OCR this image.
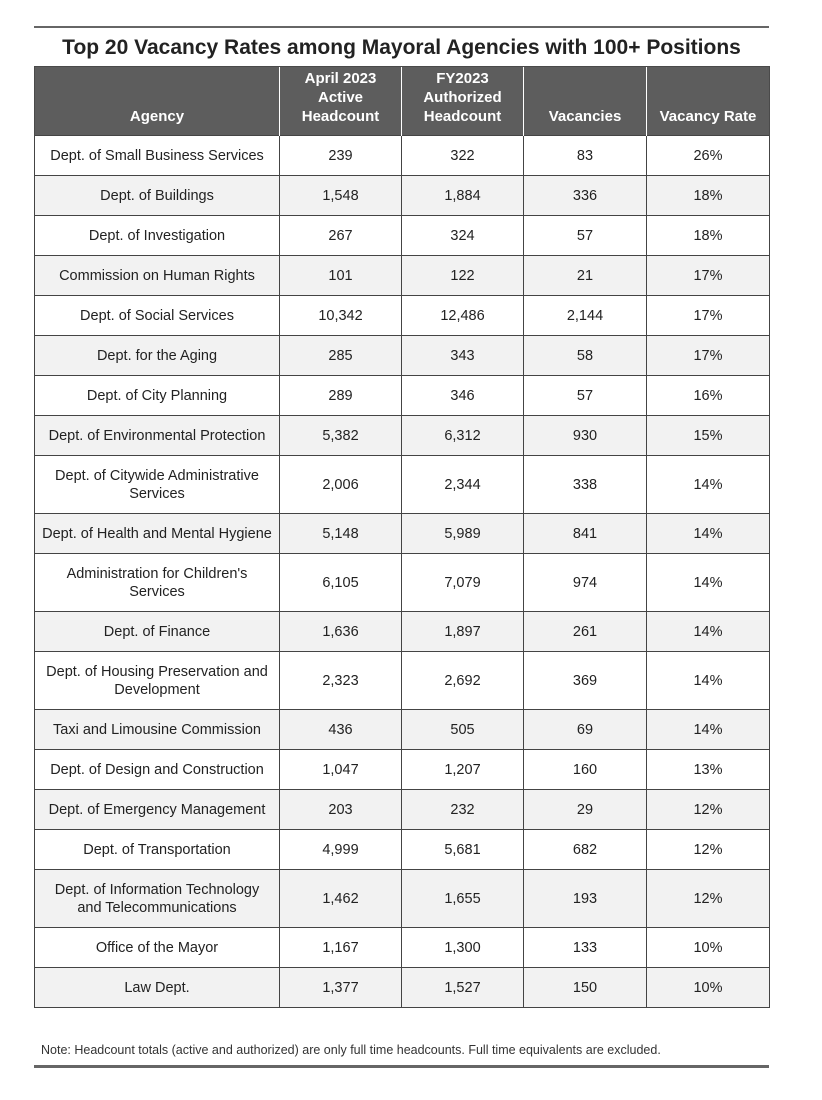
Top 20 Vacancy Rates among Mayoral Agencies with 100+ Positions
Agency	April 2023 Active Headcount	FY2023 Authorized Headcount	Vacancies	Vacancy Rate
Dept. of Small Business Services	239	322	83	26%
Dept. of Buildings	1,548	1,884	336	18%
Dept. of Investigation	267	324	57	18%
Commission on Human Rights	101	122	21	17%
Dept. of Social Services	10,342	12,486	2,144	17%
Dept. for the Aging	285	343	58	17%
Dept. of City Planning	289	346	57	16%
Dept. of Environmental Protection	5,382	6,312	930	15%
Dept. of Citywide Administrative Services	2,006	2,344	338	14%
Dept. of Health and Mental Hygiene	5,148	5,989	841	14%
Administration for Children's Services	6,105	7,079	974	14%
Dept. of Finance	1,636	1,897	261	14%
Dept. of Housing Preservation and Development	2,323	2,692	369	14%
Taxi and Limousine Commission	436	505	69	14%
Dept. of Design and Construction	1,047	1,207	160	13%
Dept. of Emergency Management	203	232	29	12%
Dept. of Transportation	4,999	5,681	682	12%
Dept. of Information Technology and Telecommunications	1,462	1,655	193	12%
Office of the Mayor	1,167	1,300	133	10%
Law Dept.	1,377	1,527	150	10%
Note: Headcount totals (active and authorized) are only full time headcounts. Full time equivalents are excluded.
